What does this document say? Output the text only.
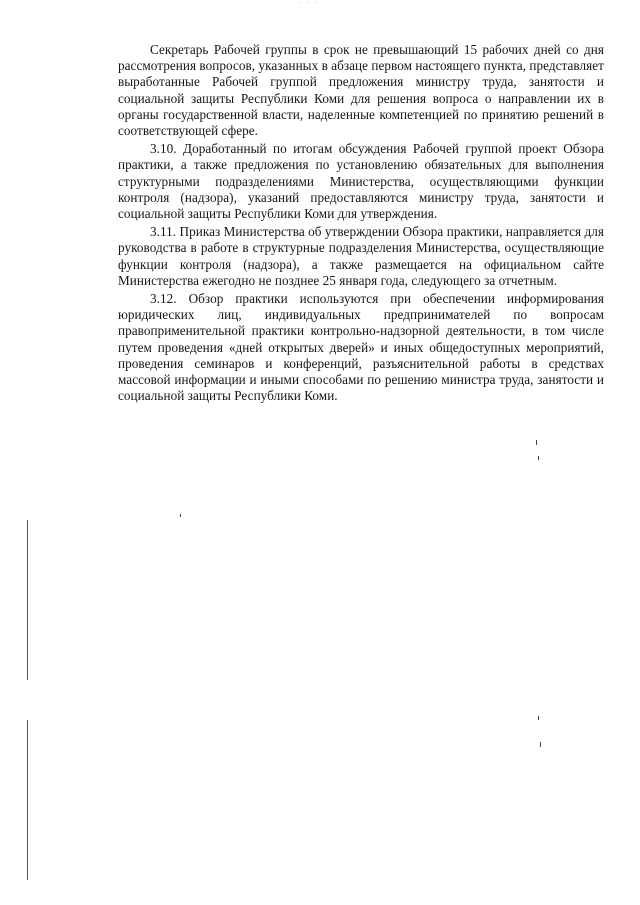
· · ·

Секретарь Рабочей группы в срок не превышающий 15 рабочих дней со дня рассмотрения вопросов, указанных в абзаце первом настоящего пункта, представляет выработанные Рабочей группой предложения министру труда, занятости и социальной защиты Республики Коми для решения вопроса о направлении их в органы государственной власти, наделенные компетенцией по принятию решений в соответствующей сфере.

3.10. Доработанный по итогам обсуждения Рабочей группой проект Обзора практики, а также предложения по установлению обязательных для выполнения структурными подразделениями Министерства, осуществляющими функции контроля (надзора), указаний предоставляются министру труда, занятости и социальной защиты Республики Коми для утверждения.

3.11. Приказ Министерства об утверждении Обзора практики, направляется для руководства в работе в структурные подразделения Министерства, осуществляющие функции контроля (надзора), а также размещается на официальном сайте Министерства ежегодно не позднее 25 января года, следующего за отчетным.

3.12. Обзор практики используются при обеспечении информирования юридических лиц, индивидуальных предпринимателей по вопросам правоприменительной практики контрольно-надзорной деятельности, в том числе путем проведения «дней открытых дверей» и иных общедоступных мероприятий, проведения семинаров и конференций, разъяснительной работы в средствах массовой информации и иными способами по решению министра труда, занятости и социальной защиты Республики Коми.
